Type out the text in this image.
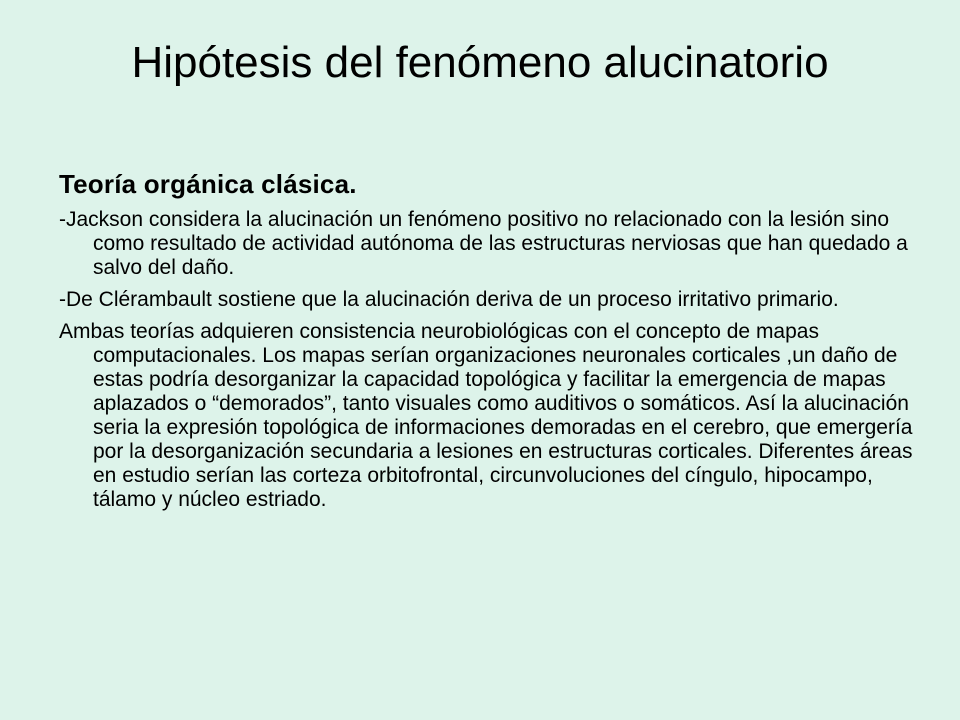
Hipótesis del fenómeno alucinatorio

Teoría orgánica clásica.

-Jackson considera la alucinación un fenómeno positivo no relacionado con la lesión sino como resultado de actividad autónoma de las estructuras nerviosas que han quedado a salvo del daño.

-De Clérambault sostiene que la alucinación deriva de un proceso irritativo primario.

Ambas teorías adquieren consistencia neurobiológicas con el concepto de mapas computacionales. Los mapas serían organizaciones neuronales corticales ,un daño de estas podría desorganizar la capacidad topológica y facilitar la emergencia de mapas aplazados o “demorados”, tanto visuales como auditivos o somáticos. Así la alucinación seria la expresión topológica de informaciones demoradas en el cerebro, que emergería por la desorganización secundaria a lesiones en estructuras corticales. Diferentes áreas en estudio serían las corteza orbitofrontal, circunvoluciones del cíngulo, hipocampo, tálamo y núcleo estriado.
